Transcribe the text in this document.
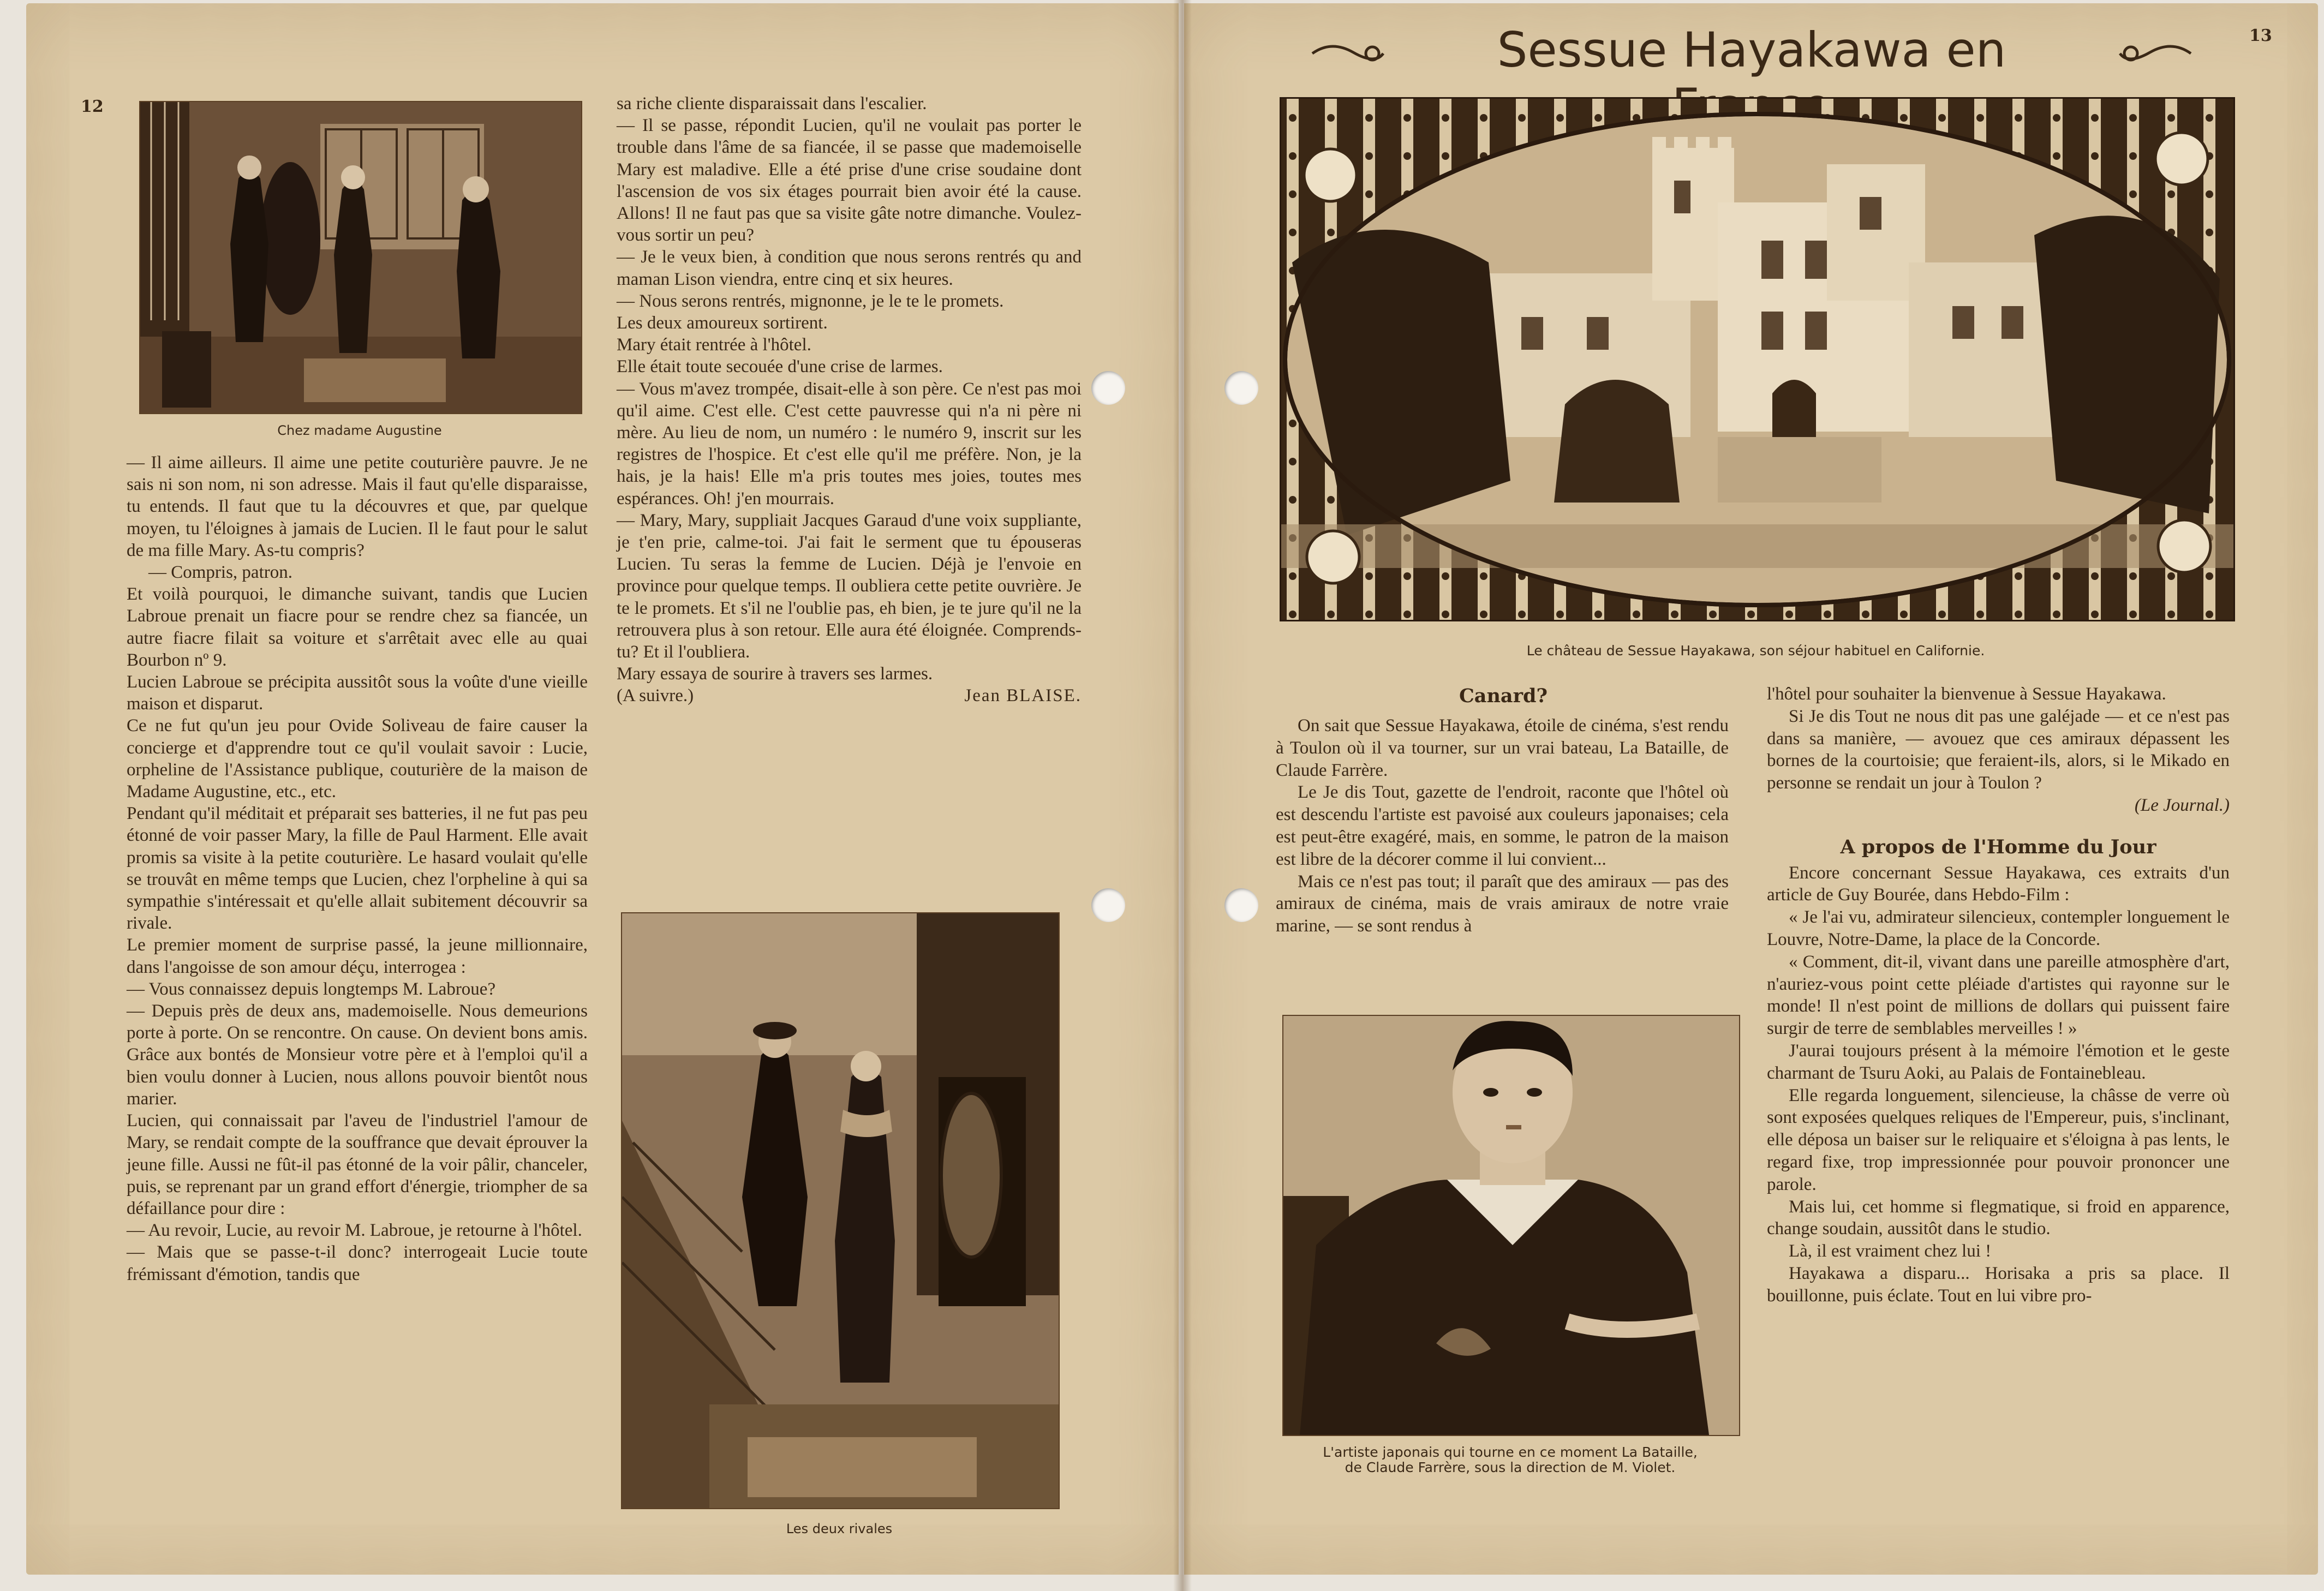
12
13
Chez madame Augustine

— Il aime ailleurs. Il aime une petite couturière pauvre. Je ne sais ni son nom, ni son adresse. Mais il faut qu'elle disparaisse, tu entends. Il faut que tu la découvres et que, par quelque moyen, tu l'éloignes à jamais de Lucien. Il le faut pour le salut de ma fille Mary. As-tu compris?

— Compris, patron.

Et voilà pourquoi, le dimanche suivant, tandis que Lucien Labroue prenait un fiacre pour se rendre chez sa fiancée, un autre fiacre filait sa voiture et s'arrêtait avec elle au quai Bourbon nº 9.

Lucien Labroue se précipita aussitôt sous la voûte d'une vieille maison et disparut.

Ce ne fut qu'un jeu pour Ovide Soliveau de faire causer la concierge et d'apprendre tout ce qu'il voulait savoir : Lucie, orpheline de l'Assistance publique, couturière de la maison de Madame Augustine, etc., etc.

Pendant qu'il méditait et préparait ses batteries, il ne fut pas peu étonné de voir passer Mary, la fille de Paul Harment. Elle avait promis sa visite à la petite couturière. Le hasard voulait qu'elle se trouvât en même temps que Lucien, chez l'orpheline à qui sa sympathie s'intéressait et qu'elle allait subitement découvrir sa rivale.

Le premier moment de surprise passé, la jeune millionnaire, dans l'angoisse de son amour déçu, interrogea :

— Vous connaissez depuis longtemps M. Labroue?

— Depuis près de deux ans, mademoiselle. Nous demeurions porte à porte. On se rencontre. On cause. On devient bons amis. Grâce aux bontés de Monsieur votre père et à l'emploi qu'il a bien voulu donner à Lucien, nous allons pouvoir bientôt nous marier.

Lucien, qui connaissait par l'aveu de l'industriel l'amour de Mary, se rendait compte de la souffrance que devait éprouver la jeune fille. Aussi ne fût-il pas étonné de la voir pâlir, chanceler, puis, se reprenant par un grand effort d'énergie, triompher de sa défaillance pour dire :

— Au revoir, Lucie, au revoir M. Labroue, je retourne à l'hôtel.

— Mais que se passe-t-il donc? interrogeait Lucie toute frémissant d'émotion, tandis que

sa riche cliente disparaissait dans l'escalier.

— Il se passe, répondit Lucien, qu'il ne voulait pas porter le trouble dans l'âme de sa fiancée, il se passe que mademoiselle Mary est maladive. Elle a été prise d'une crise soudaine dont l'ascension de vos six étages pourrait bien avoir été la cause. Allons! Il ne faut pas que sa visite gâte notre dimanche. Voulez-vous sortir un peu?

— Je le veux bien, à condition que nous serons rentrés qu and maman Lison viendra, entre cinq et six heures.

— Nous serons rentrés, mignonne, je le te le promets.

Les deux amoureux sortirent.

Mary était rentrée à l'hôtel.

Elle était toute secouée d'une crise de larmes.

— Vous m'avez trompée, disait-elle à son père. Ce n'est pas moi qu'il aime. C'est elle. C'est cette pauvresse qui n'a ni père ni mère. Au lieu de nom, un numéro : le numéro 9, inscrit sur les registres de l'hospice. Et c'est elle qu'il me préfère. Non, je la hais, je la hais! Elle m'a pris toutes mes joies, toutes mes espérances. Oh! j'en mourrais.

— Mary, Mary, suppliait Jacques Garaud d'une voix suppliante, je t'en prie, calme-toi. J'ai fait le serment que tu épouseras Lucien. Tu seras la femme de Lucien. Déjà je l'envoie en province pour quelque temps. Il oubliera cette petite ouvrière. Je te le promets. Et s'il ne l'oublie pas, eh bien, je te jure qu'il ne la retrouvera plus à son retour. Elle aura été éloignée. Comprends-tu? Et il l'oubliera.

Mary essaya de sourire à travers ses larmes.

(A suivre.)	Jean BLAISE.
Les deux rivales
Sessue Hayakawa en
Le château de Sessue Hayakawa, son séjour habituel en Californie.
Canard?

On sait que Sessue Hayakawa, étoile de cinéma, s'est rendu à Toulon où il va tourner, sur un vrai bateau, La Bataille, de Claude Farrère.

Le Je dis Tout, gazette de l'endroit, raconte que l'hôtel où est descendu l'artiste est pavoisé aux couleurs japonaises; cela est peut-être exagéré, mais, en somme, le patron de la maison est libre de la décorer comme il lui convient...

Mais ce n'est pas tout; il paraît que des amiraux — pas des amiraux de cinéma, mais de vrais amiraux de notre vraie marine, — se sont rendus à

l'hôtel pour souhaiter la bienvenue à Sessue Hayakawa.

Si Je dis Tout ne nous dit pas une galéjade — et ce n'est pas dans sa manière, — avouez que ces amiraux dépassent les bornes de la courtoisie; que feraient-ils, alors, si le Mikado en personne se rendait un jour à Toulon ?

(Le Journal.)

A propos de l'Homme du Jour

Encore concernant Sessue Hayakawa, ces extraits d'un article de Guy Bourée, dans Hebdo-Film :

« Je l'ai vu, admirateur silencieux, contempler longuement le Louvre, Notre-Dame, la place de la Concorde.

« Comment, dit-il, vivant dans une pareille atmosphère d'art, n'auriez-vous point cette pléiade d'artistes qui rayonne sur le monde! Il n'est point de millions de dollars qui puissent faire surgir de terre de semblables merveilles ! »

J'aurai toujours présent à la mémoire l'émotion et le geste charmant de Tsuru Aoki, au Palais de Fontainebleau.

Elle regarda longuement, silencieuse, la châsse de verre où sont exposées quelques reliques de l'Empereur, puis, s'inclinant, elle déposa un baiser sur le reliquaire et s'éloigna à pas lents, le regard fixe, trop impressionnée pour pouvoir prononcer une parole.

Mais lui, cet homme si flegmatique, si froid en apparence, change soudain, aussitôt dans le studio.

Là, il est vraiment chez lui !

Hayakawa a disparu... Horisaka a pris sa place. Il bouillonne, puis éclate. Tout en lui vibre pro-

L'artiste japonais qui tourne en ce moment La Bataille,
de Claude Farrère, sous la direction de M. Violet.
